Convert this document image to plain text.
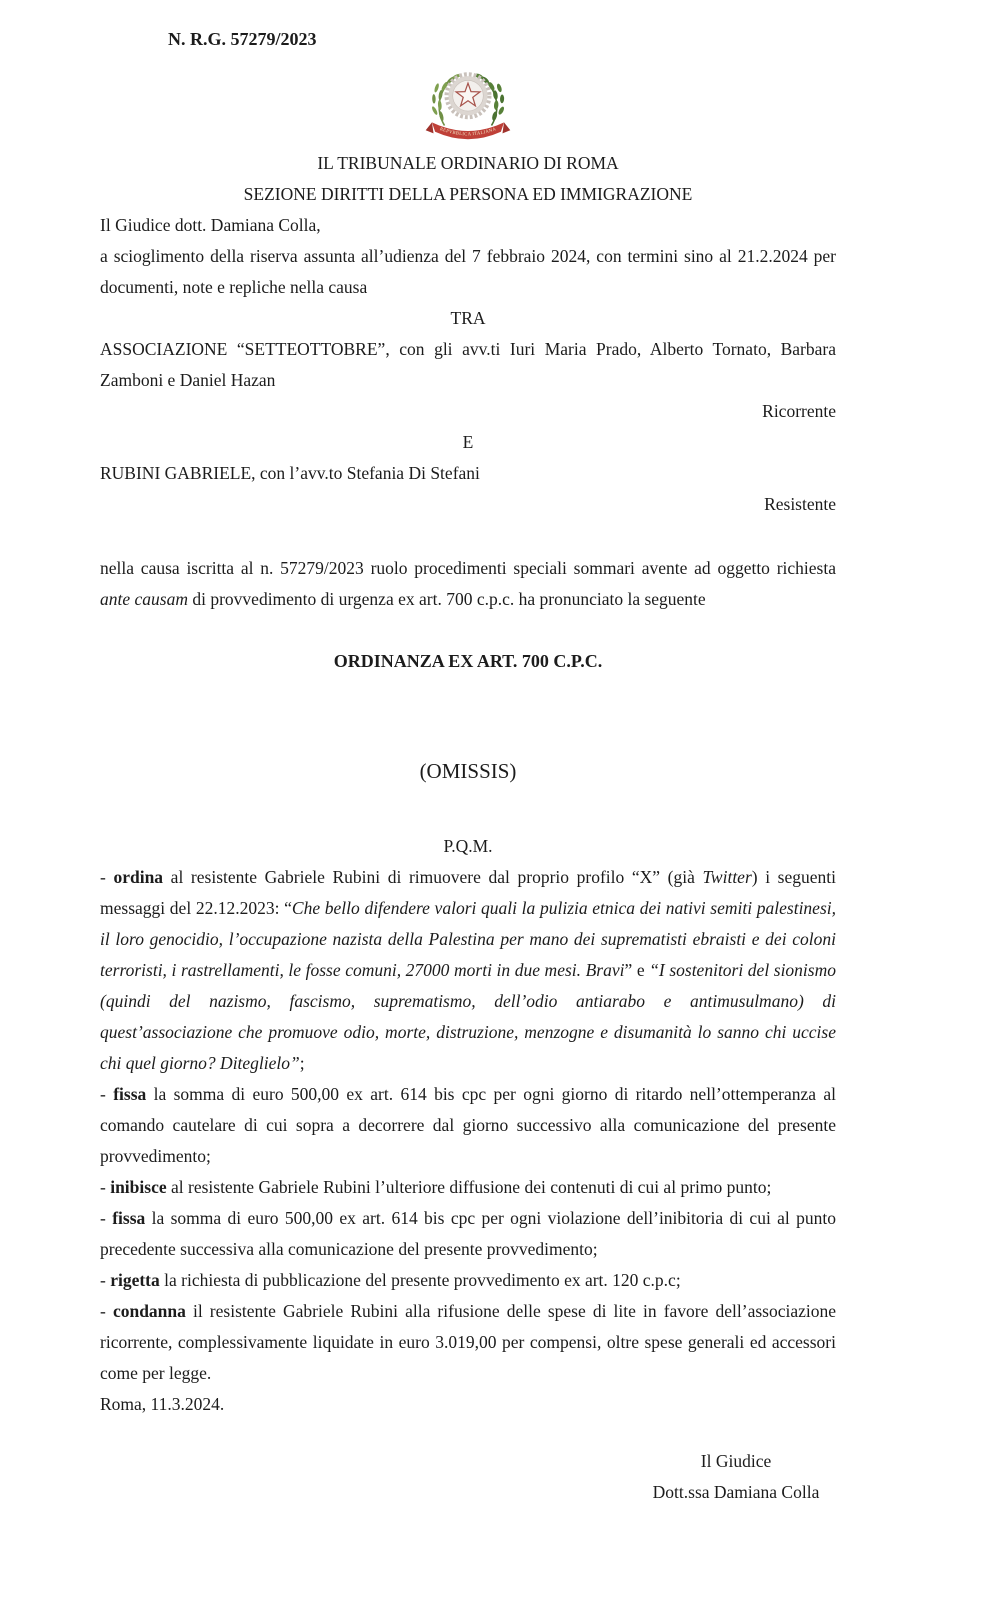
N. R.G. 57279/2023

REPVBBLICA ITALIANA

IL TRIBUNALE ORDINARIO DI ROMA

SEZIONE DIRITTI DELLA PERSONA ED IMMIGRAZIONE

Il Giudice dott. Damiana Colla,

a scioglimento della riserva assunta all’udienza del 7 febbraio 2024, con termini sino al 21.2.2024 per documenti, note e repliche nella causa

TRA

ASSOCIAZIONE “SETTEOTTOBRE”, con gli avv.ti Iuri Maria Prado, Alberto Tornato, Barbara Zamboni e Daniel Hazan

Ricorrente

E

RUBINI GABRIELE, con l’avv.to Stefania Di Stefani

Resistente

nella causa iscritta al n. 57279/2023 ruolo procedimenti speciali sommari avente ad oggetto richiesta ante causam di provvedimento di urgenza ex art. 700 c.p.c. ha pronunciato la seguente

ORDINANZA EX ART. 700 C.P.C.

(OMISSIS)

P.Q.M.

- ordina al resistente Gabriele Rubini di rimuovere dal proprio profilo “X” (già Twitter) i seguenti messaggi del 22.12.2023: “Che bello difendere valori quali la pulizia etnica dei nativi semiti palestinesi, il loro genocidio, l’occupazione nazista della Palestina per mano dei suprematisti ebraisti e dei coloni terroristi, i rastrellamenti, le fosse comuni, 27000 morti in due mesi. Bravi” e “I sostenitori del sionismo (quindi del nazismo, fascismo, suprematismo, dell’odio antiarabo e antimusulmano) di quest’associazione che promuove odio, morte, distruzione, menzogne e disumanità lo sanno chi uccise chi quel giorno? Diteglielo”;

- fissa la somma di euro 500,00 ex art. 614 bis cpc per ogni giorno di ritardo nell’ottemperanza al comando cautelare di cui sopra a decorrere dal giorno successivo alla comunicazione del presente provvedimento;

- inibisce al resistente Gabriele Rubini l’ulteriore diffusione dei contenuti di cui al primo punto;

- fissa la somma di euro 500,00 ex art. 614 bis cpc per ogni violazione dell’inibitoria di cui al punto precedente successiva alla comunicazione del presente provvedimento;

- rigetta la richiesta di pubblicazione del presente provvedimento ex art. 120 c.p.c;

- condanna il resistente Gabriele Rubini alla rifusione delle spese di lite in favore dell’associazione ricorrente, complessivamente liquidate in euro 3.019,00 per compensi, oltre spese generali ed accessori come per legge.

Roma, 11.3.2024.

Il Giudice

Dott.ssa Damiana Colla
